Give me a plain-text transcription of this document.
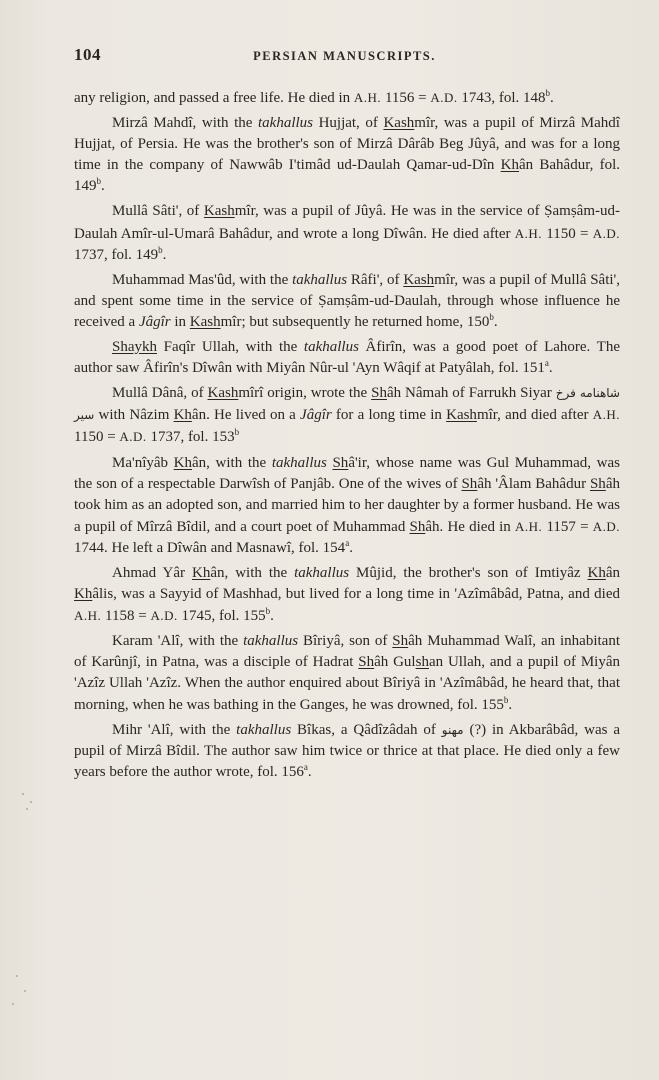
104	PERSIAN MANUSCRIPTS.

any religion, and passed a free life. He died in A.H. 1156 = A.D. 1743, fol. 148$^b$.

Mirzâ Mahdî, with the takhallus Hujjat, of Kashmîr, was a pupil of Mirzâ Mahdî Hujjat, of Persia. He was the brother's son of Mirzâ Dârâb Beg Jûyâ, and was for a long time in the company of Nawwâb I'timâd ud-Daulah Qamar-ud-Dîn Khân Bahâdur, fol. 149$^b$.

Mullâ Sâti', of Kashmîr, was a pupil of Jûyâ. He was in the service of Ṣamṣâm-ud-Daulah Amîr-ul-Umarâ Bahâdur, and wrote a long Dîwân. He died after A.H. 1150 = A.D. 1737, fol. 149$^b$.

Muhammad Mas'ûd, with the takhallus Râfi', of Kashmîr, was a pupil of Mullâ Sâti', and spent some time in the service of Ṣamṣâm-ud-Daulah, through whose influence he received a Jâgîr in Kashmîr; but subsequently he returned home, 150$^b$.

Shaykh Faqîr Ullah, with the takhallus Âfirîn, was a good poet of Lahore. The author saw Âfirîn's Dîwân with Miyân Nûr-ul 'Ayn Wâqif at Patyâlah, fol. 151$^a$.

Mullâ Dânâ, of Kashmîrî origin, wrote the Shâh Nâmah of Farrukh Siyar شاهنامه فرخ سیر with Nâzim Khân. He lived on a Jâgîr for a long time in Kashmîr, and died after A.H. 1150 = A.D. 1737, fol. 153$^b$

Ma'nîyâb Khân, with the takhallus Shâ'ir, whose name was Gul Muhammad, was the son of a respectable Darwîsh of Panjâb. One of the wives of Shâh 'Âlam Bahâdur Shâh took him as an adopted son, and married him to her daughter by a former husband. He was a pupil of Mîrzâ Bîdil, and a court poet of Muhammad Shâh. He died in A.H. 1157 = A.D. 1744. He left a Dîwân and Masnawî, fol. 154$^a$.

Ahmad Yâr Khân, with the takhallus Mûjid, the brother's son of Imtiyâz Khân Khâlis, was a Sayyid of Mashhad, but lived for a long time in 'Azîmâbâd, Patna, and died A.H. 1158 = A.D. 1745, fol. 155$^b$.

Karam 'Alî, with the takhallus Bîriyâ, son of Shâh Muhammad Walî, an inhabitant of Karûnjî, in Patna, was a disciple of Hadrat Shâh Gulshan Ullah, and a pupil of Miyân 'Azîz Ullah 'Azîz. When the author enquired about Bîriyâ in 'Azîmâbâd, he heard that, that morning, when he was bathing in the Ganges, he was drowned, fol. 155$^b$.

Mihr 'Alî, with the takhallus Bîkas, a Qâdîzâdah of مهنو (?) in Akbarâbâd, was a pupil of Mirzâ Bîdil. The author saw him twice or thrice at that place. He died only a few years before the author wrote, fol. 156$^a$.
